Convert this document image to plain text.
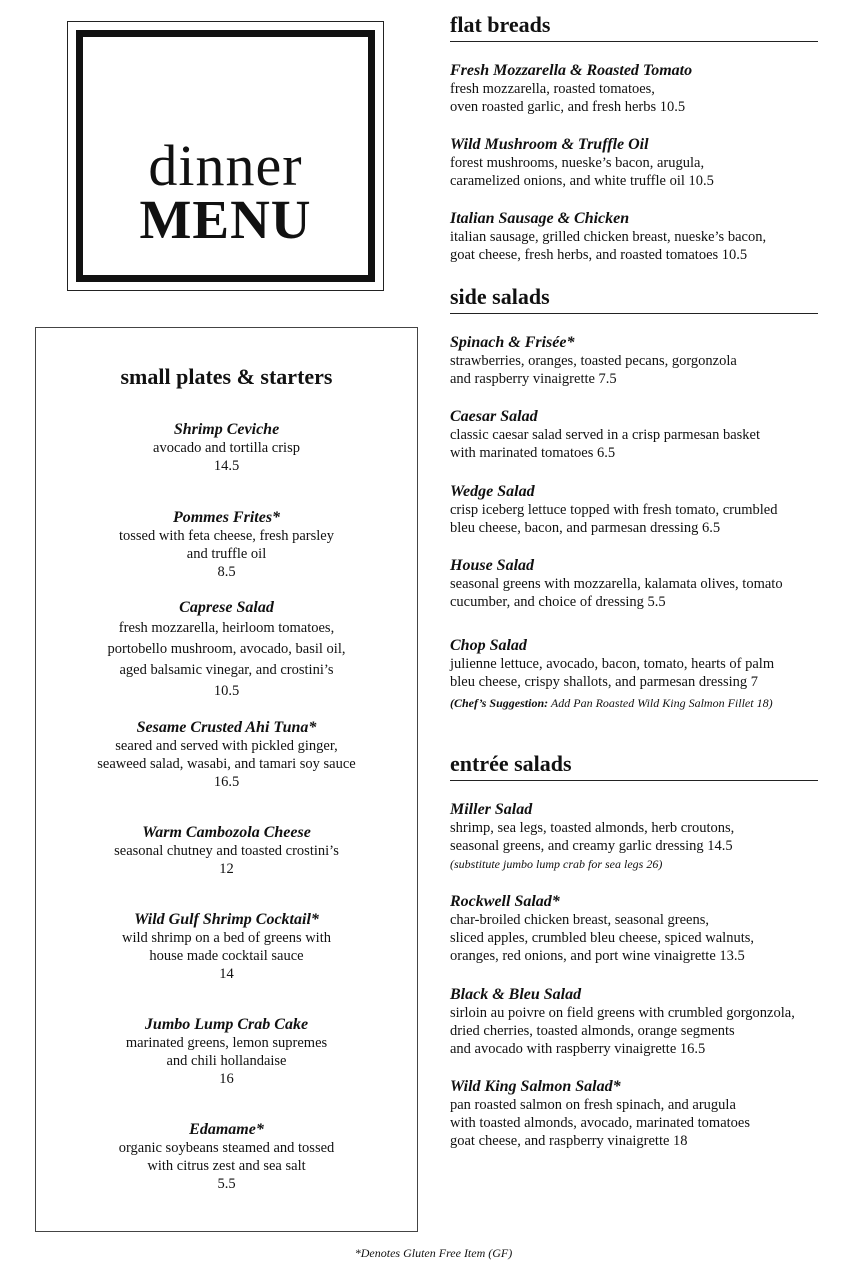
dinner
MENU
small plates & starters
Shrimp Ceviche
avocado and tortilla crisp
14.5
Pommes Frites*
tossed with feta cheese, fresh parsley
and truffle oil
8.5
Caprese Salad
fresh mozzarella, heirloom tomatoes,
portobello mushroom, avocado, basil oil,
aged balsamic vinegar, and crostini’s
10.5
Sesame Crusted Ahi Tuna*
seared and served with pickled ginger,
seaweed salad, wasabi, and tamari soy sauce
16.5
Warm Cambozola Cheese
seasonal chutney and toasted crostini’s
12
Wild Gulf Shrimp Cocktail*
wild shrimp on a bed of greens with
house made cocktail sauce
14
Jumbo Lump Crab Cake
marinated greens, lemon supremes
and chili hollandaise
16
Edamame*
organic soybeans steamed and tossed
with citrus zest and sea salt
5.5
flat breads
Fresh Mozzarella & Roasted Tomato
fresh mozzarella, roasted tomatoes,
oven roasted garlic, and fresh herbs 10.5
Wild Mushroom & Truffle Oil
forest mushrooms, nueske’s bacon, arugula,
caramelized onions, and white truffle oil 10.5
Italian Sausage & Chicken
italian sausage, grilled chicken breast, nueske’s bacon,
goat cheese, fresh herbs, and roasted tomatoes 10.5
side salads
Spinach & Frisée*
strawberries, oranges, toasted pecans, gorgonzola
and raspberry vinaigrette 7.5
Caesar Salad
classic caesar salad served in a crisp parmesan basket
with marinated tomatoes 6.5
Wedge Salad
crisp iceberg lettuce topped with fresh tomato, crumbled
bleu cheese, bacon, and parmesan dressing 6.5
House Salad
seasonal greens with mozzarella, kalamata olives, tomato
cucumber, and choice of dressing 5.5
Chop Salad
julienne lettuce, avocado, bacon, tomato, hearts of palm
bleu cheese, crispy shallots, and parmesan dressing 7
(Chef’s Suggestion: Add Pan Roasted Wild King Salmon Fillet 18)
entrée salads
Miller Salad
shrimp, sea legs, toasted almonds, herb croutons,
seasonal greens, and creamy garlic dressing 14.5
(substitute jumbo lump crab for sea legs 26)
Rockwell Salad*
char-broiled chicken breast, seasonal greens,
sliced apples, crumbled bleu cheese, spiced walnuts,
oranges, red onions, and port wine vinaigrette 13.5
Black & Bleu Salad
sirloin au poivre on field greens with crumbled gorgonzola,
dried cherries, toasted almonds, orange segments
and avocado with raspberry vinaigrette 16.5
Wild King Salmon Salad*
pan roasted salmon on fresh spinach, and arugula
with toasted almonds, avocado, marinated tomatoes
goat cheese, and raspberry vinaigrette 18
*Denotes Gluten Free Item (GF)
